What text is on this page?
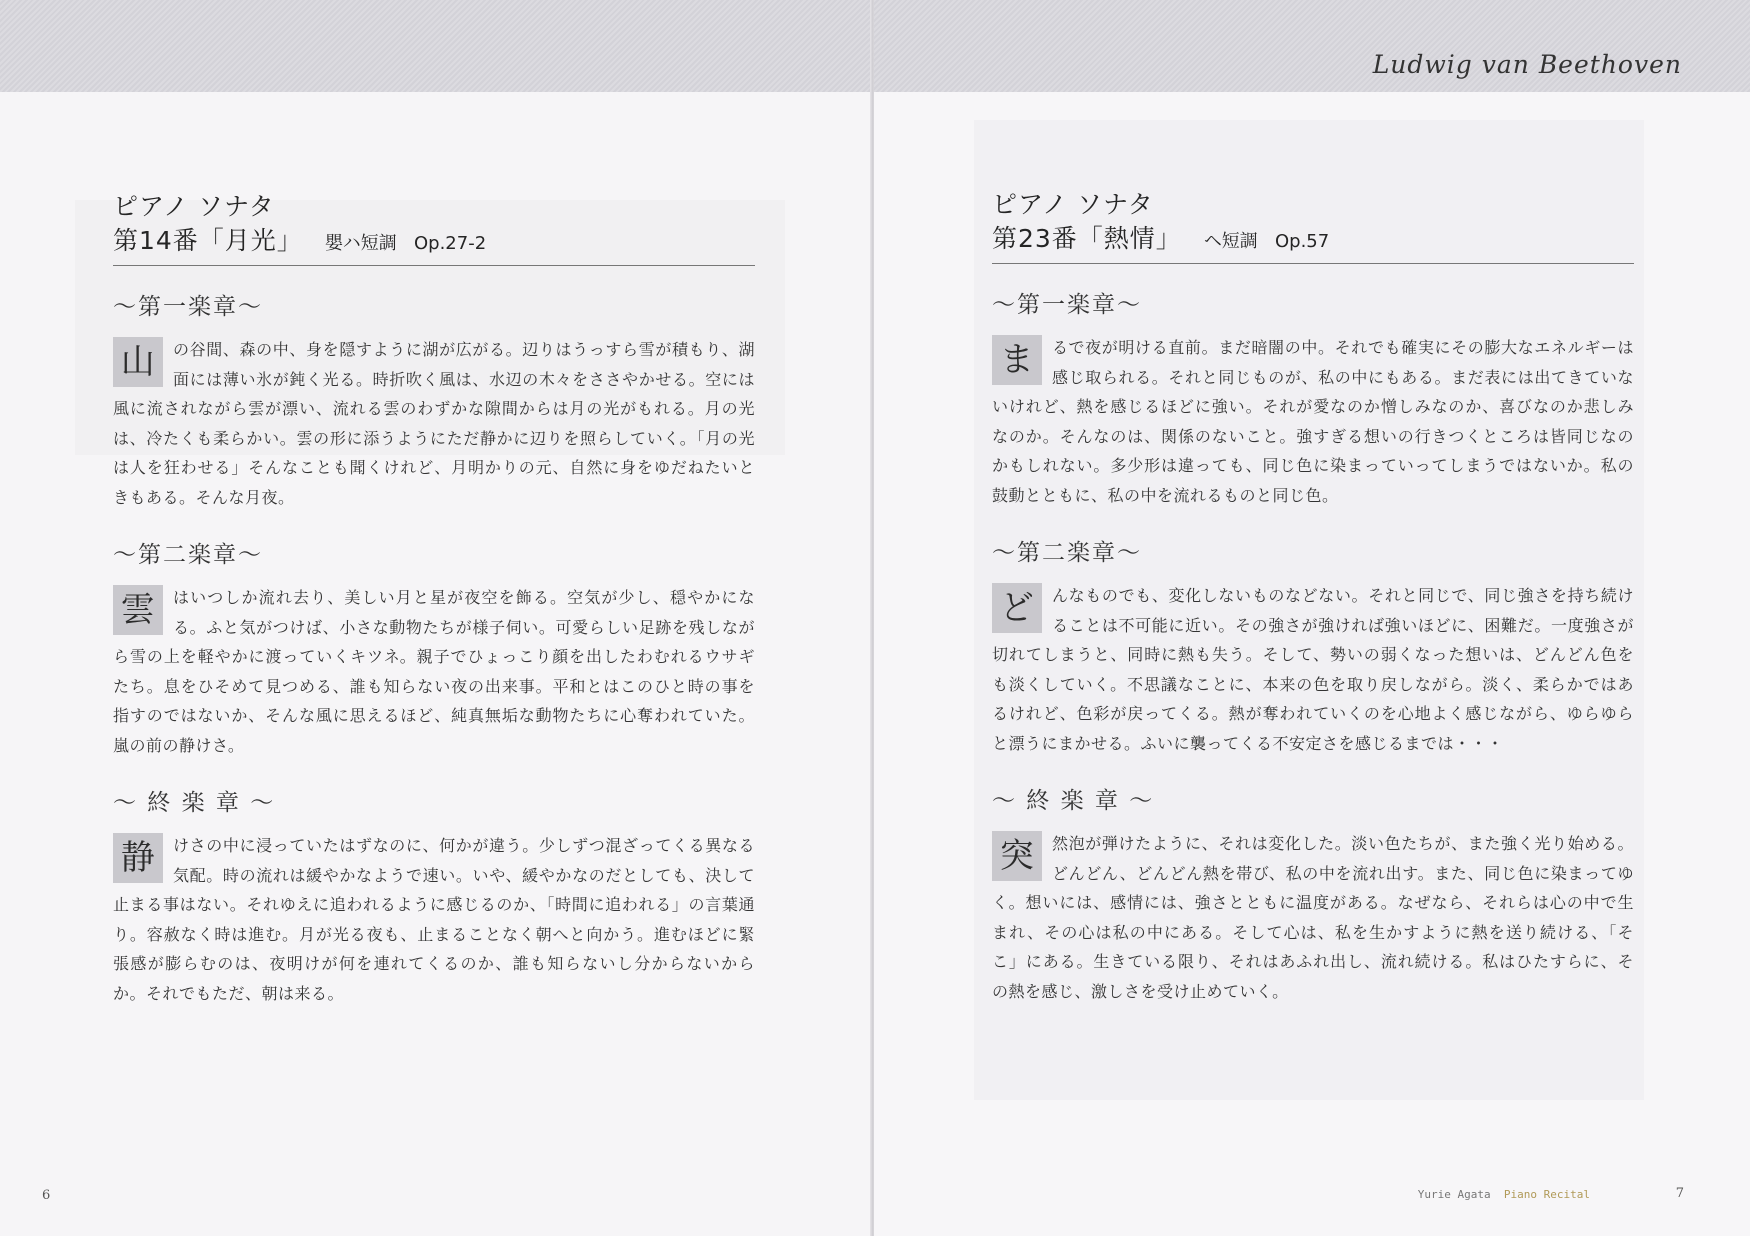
ピアノ ソナタ
第14番「月光」 嬰ハ短調 Op.27-2
～第一楽章～
山	の谷間、森の中、身を隠すように湖が広がる。辺りはうっすら雪が積もり、湖面には薄い氷が鈍く光る。時折吹く風は、水辺の木々をささやかせる。空には風に流されながら雲が漂い、流れる雲のわずかな隙間からは月の光がもれる。月の光は、冷たくも柔らかい。雲の形に添うようにただ静かに辺りを照らしていく。「月の光は人を狂わせる」そんなことも聞くけれど、月明かりの元、自然に身をゆだねたいときもある。そんな月夜。
～第二楽章～
雲	はいつしか流れ去り、美しい月と星が夜空を飾る。空気が少し、穏やかになる。ふと気がつけば、小さな動物たちが様子伺い。可愛らしい足跡を残しながら雪の上を軽やかに渡っていくキツネ。親子でひょっこり顔を出したわむれるウサギたち。息をひそめて見つめる、誰も知らない夜の出来事。平和とはこのひと時の事を指すのではないか、そんな風に思えるほど、純真無垢な動物たちに心奪われていた。嵐の前の静けさ。
～ 終 楽 章 ～
静	けさの中に浸っていたはずなのに、何かが違う。少しずつ混ざってくる異なる気配。時の流れは緩やかなようで速い。いや、緩やかなのだとしても、決して止まる事はない。それゆえに追われるように感じるのか、「時間に追われる」の言葉通り。容赦なく時は進む。月が光る夜も、止まることなく朝へと向かう。進むほどに緊張感が膨らむのは、夜明けが何を連れてくるのか、誰も知らないし分からないからか。それでもただ、朝は来る。
6
Ludwig van Beethoven
ピアノ ソナタ
第23番「熱情」 ヘ短調 Op.57
～第一楽章～
ま	るで夜が明ける直前。まだ暗闇の中。それでも確実にその膨大なエネルギーは感じ取られる。それと同じものが、私の中にもある。まだ表には出てきていないけれど、熱を感じるほどに強い。それが愛なのか憎しみなのか、喜びなのか悲しみなのか。そんなのは、関係のないこと。強すぎる想いの行きつくところは皆同じなのかもしれない。多少形は違っても、同じ色に染まっていってしまうではないか。私の鼓動とともに、私の中を流れるものと同じ色。
～第二楽章～
ど	んなものでも、変化しないものなどない。それと同じで、同じ強さを持ち続けることは不可能に近い。その強さが強ければ強いほどに、困難だ。一度強さが切れてしまうと、同時に熱も失う。そして、勢いの弱くなった想いは、どんどん色をも淡くしていく。不思議なことに、本来の色を取り戻しながら。淡く、柔らかではあるけれど、色彩が戻ってくる。熱が奪われていくのを心地よく感じながら、ゆらゆらと漂うにまかせる。ふいに襲ってくる不安定さを感じるまでは・・・
～ 終 楽 章 ～
突	然泡が弾けたように、それは変化した。淡い色たちが、また強く光り始める。どんどん、どんどん熱を帯び、私の中を流れ出す。また、同じ色に染まってゆく。想いには、感情には、強さとともに温度がある。なぜなら、それらは心の中で生まれ、その心は私の中にある。そして心は、私を生かすように熱を送り続ける、「そこ」にある。生きている限り、それはあふれ出し、流れ続ける。私はひたすらに、その熱を感じ、激しさを受け止めていく。
Yurie Agata Piano Recital	7
